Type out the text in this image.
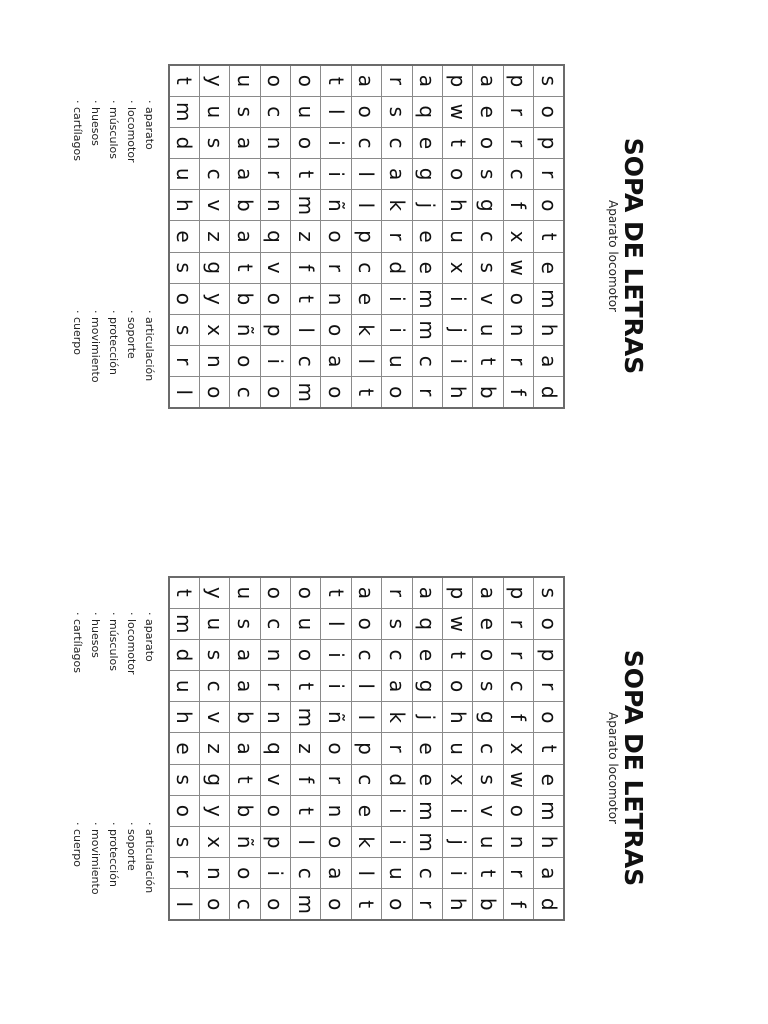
SOPA DE LETRAS
Aparato locomotor
s	o	p	r	o	t	e	m	h	a	d
p	r	r	c	f	x	w	o	n	r	f
a	e	o	s	g	c	s	v	u	t	b
p	w	t	o	h	u	x	i	j	i	h
a	q	e	g	j	e	e	m	m	c	r
r	s	c	a	k	r	d	i	i	u	o
a	o	c	l	l	p	c	e	k	l	t
t	l	i	i	ñ	o	r	n	o	a	o
o	u	o	t	m	z	f	t	l	c	m
o	c	n	r	n	q	v	o	p	i	o
u	s	a	a	b	a	t	b	ñ	o	c
y	u	s	c	v	z	g	y	x	n	o
t	m	d	u	h	e	s	o	s	r	l
· aparato
· locomotor
· músculos
· huesos
· cartílagos
· articulación
· soporte
· protección
· movimiento
· cuerpo
SOPA DE LETRAS
Aparato locomotor
s	o	p	r	o	t	e	m	h	a	d
p	r	r	c	f	x	w	o	n	r	f
a	e	o	s	g	c	s	v	u	t	b
p	w	t	o	h	u	x	i	j	i	h
a	q	e	g	j	e	e	m	m	c	r
r	s	c	a	k	r	d	i	i	u	o
a	o	c	l	l	p	c	e	k	l	t
t	l	i	i	ñ	o	r	n	o	a	o
o	u	o	t	m	z	f	t	l	c	m
o	c	n	r	n	q	v	o	p	i	o
u	s	a	a	b	a	t	b	ñ	o	c
y	u	s	c	v	z	g	y	x	n	o
t	m	d	u	h	e	s	o	s	r	l
· aparato
· locomotor
· músculos
· huesos
· cartílagos
· articulación
· soporte
· protección
· movimiento
· cuerpo
